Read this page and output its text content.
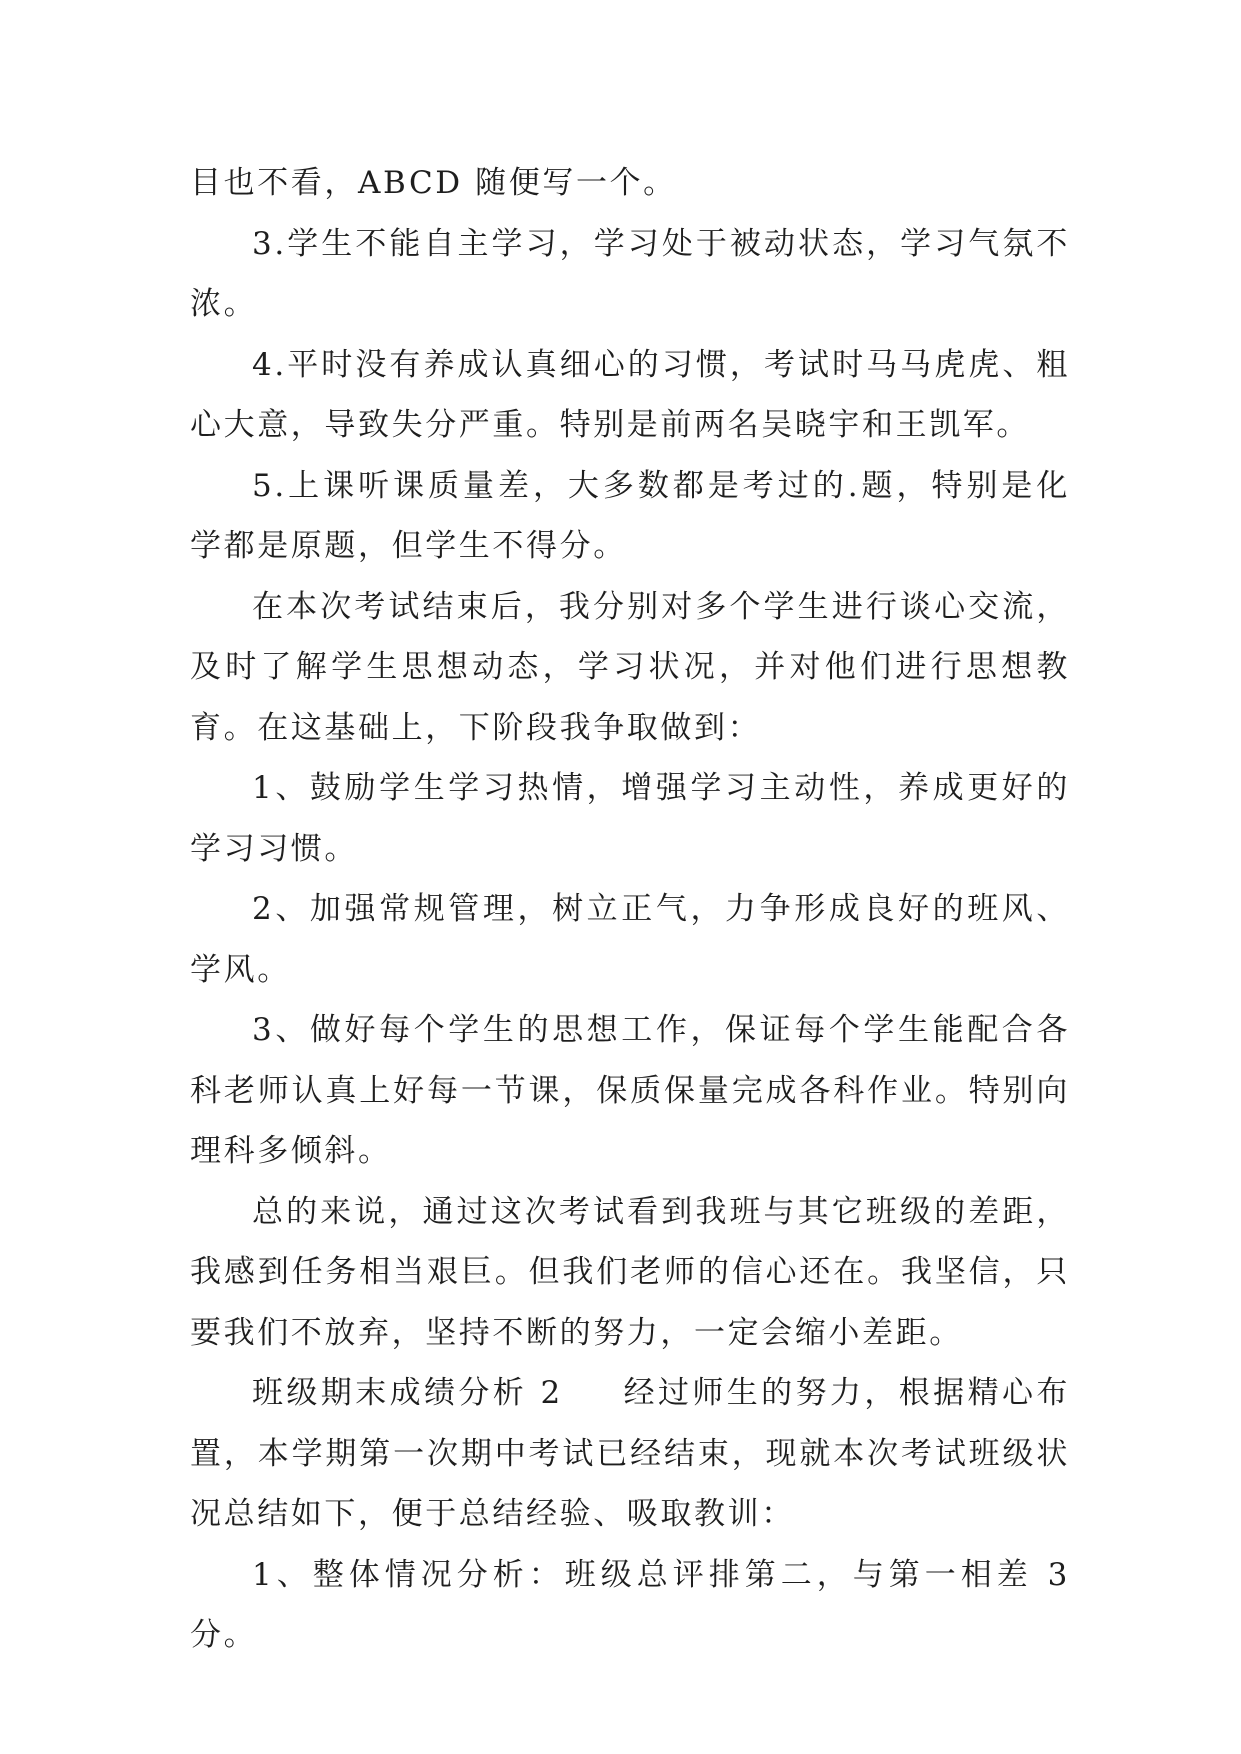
目也不看，ABCD 随便写一个。

3.学生不能自主学习，学习处于被动状态，学习气氛不浓。

4.平时没有养成认真细心的习惯，考试时马马虎虎、粗心大意，导致失分严重。特别是前两名吴晓宇和王凯军。

5.上课听课质量差，大多数都是考过的.题，特别是化学都是原题，但学生不得分。

在本次考试结束后，我分别对多个学生进行谈心交流，及时了解学生思想动态，学习状况，并对他们进行思想教育。在这基础上，下阶段我争取做到：

1、鼓励学生学习热情，增强学习主动性，养成更好的学习习惯。

2、加强常规管理，树立正气，力争形成良好的班风、学风。

3、做好每个学生的思想工作，保证每个学生能配合各科老师认真上好每一节课，保质保量完成各科作业。特别向理科多倾斜。

总的来说，通过这次考试看到我班与其它班级的差距，我感到任务相当艰巨。但我们老师的信心还在。我坚信，只要我们不放弃，坚持不断的努力，一定会缩小差距。

班级期末成绩分析 2 经过师生的努力，根据精心布置，本学期第一次期中考试已经结束，现就本次考试班级状况总结如下，便于总结经验、吸取教训：

1、整体情况分析：班级总评排第二，与第一相差 3 分。
